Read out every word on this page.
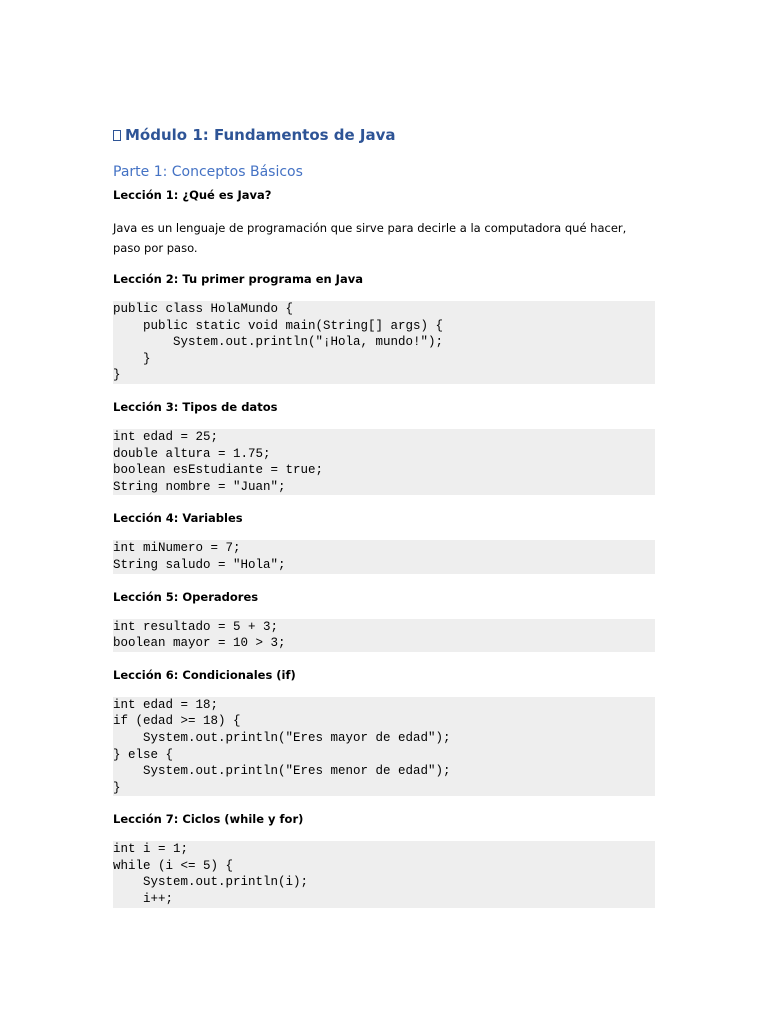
Módulo 1: Fundamentos de Java
Parte 1: Conceptos Básicos

Lección 1: ¿Qué es Java?

Java es un lenguaje de programación que sirve para decirle a la computadora qué hacer, paso por paso.

Lección 2: Tu primer programa en Java

public class HolaMundo {
public static void main(String[] args) {
System.out.println("¡Hola, mundo!");
}
}

Lección 3: Tipos de datos

int edad = 25;
double altura = 1.75;
boolean esEstudiante = true;
String nombre = "Juan";

Lección 4: Variables

int miNumero = 7;
String saludo = "Hola";

Lección 5: Operadores

int resultado = 5 + 3;
boolean mayor = 10 > 3;

Lección 6: Condicionales (if)

int edad = 18;
if (edad >= 18) {
System.out.println("Eres mayor de edad");
} else {
System.out.println("Eres menor de edad");
}

Lección 7: Ciclos (while y for)

int i = 1;
while (i <= 5) {
System.out.println(i);
i++;
